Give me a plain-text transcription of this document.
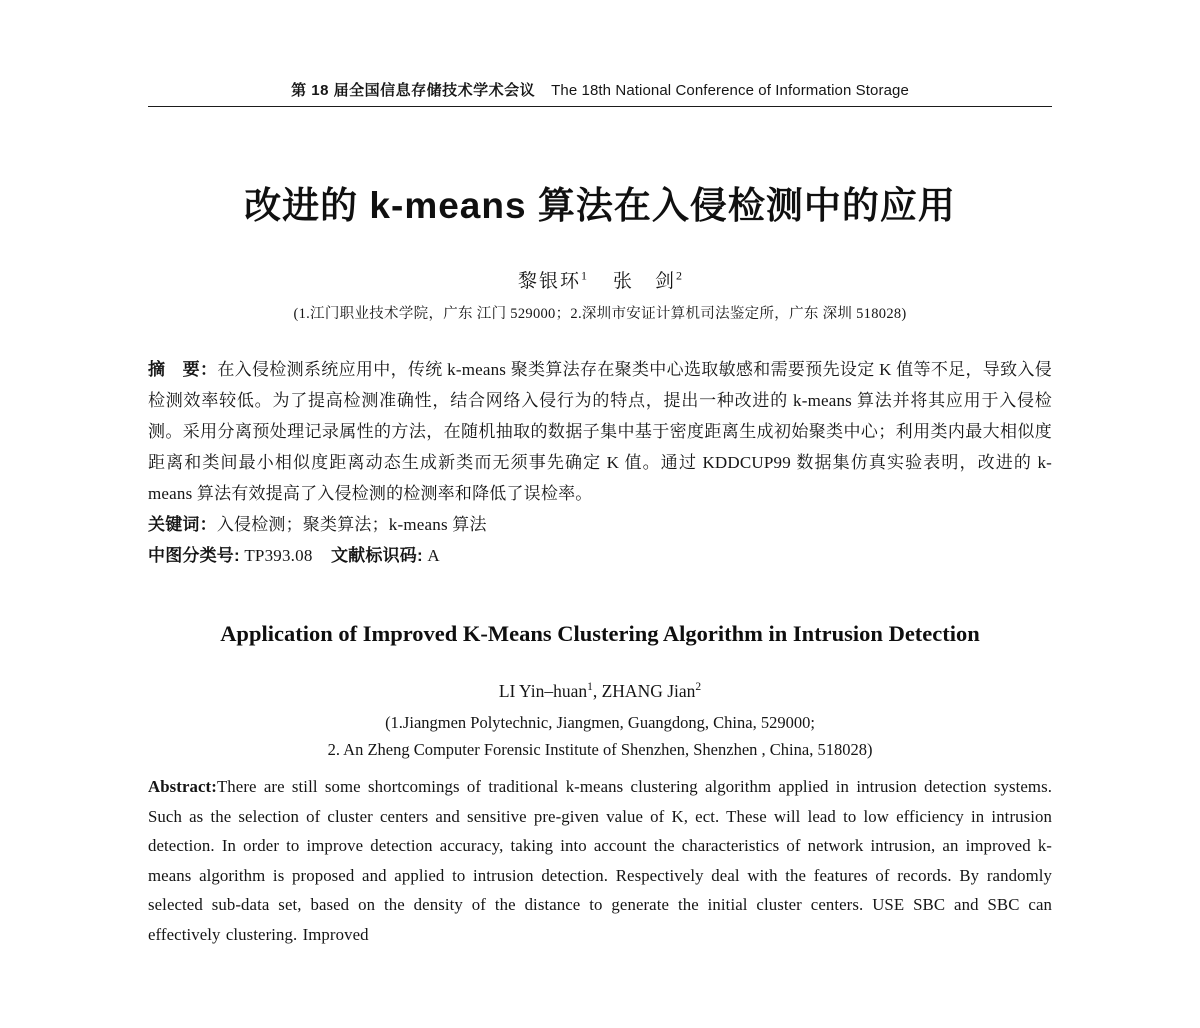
第 18 届全国信息存储技术学术会议 The 18th National Conference of Information Storage
改进的 k-means 算法在入侵检测中的应用
黎银环$^1$ 张　剑$^2$
(1.江门职业技术学院，广东 江门 529000；2.深圳市安证计算机司法鉴定所，广东 深圳 518028)

摘　要：在入侵检测系统应用中，传统 k-means 聚类算法存在聚类中心选取敏感和需要预先设定 K 值等不足，导致入侵检测效率较低。为了提高检测准确性，结合网络入侵行为的特点，提出一种改进的 k-means 算法并将其应用于入侵检测。采用分离预处理记录属性的方法，在随机抽取的数据子集中基于密度距离生成初始聚类中心；利用类内最大相似度距离和类间最小相似度距离动态生成新类而无须事先确定 K 值。通过 KDDCUP99 数据集仿真实验表明，改进的 k-means 算法有效提高了入侵检测的检测率和降低了误检率。

关键词：入侵检测；聚类算法；k-means 算法

中图分类号: TP393.08 文献标识码: A

Application of Improved K-Means Clustering Algorithm in Intrusion Detection
LI Yin–huan$^1$, ZHANG Jian$^2$
(1.Jiangmen Polytechnic, Jiangmen, Guangdong, China, 529000;
2. An Zheng Computer Forensic Institute of Shenzhen, Shenzhen , China, 518028)

Abstract:There are still some shortcomings of traditional k-means clustering algorithm applied in intrusion detection systems. Such as the selection of cluster centers and sensitive pre-given value of K, ect. These will lead to low efficiency in intrusion detection. In order to improve detection accuracy, taking into account the characteristics of network intrusion, an improved k-means algorithm is proposed and applied to intrusion detection. Respectively deal with the features of records. By randomly selected sub-data set, based on the density of the distance to generate the initial cluster centers. USE SBC and SBC can effectively clustering. Improved
